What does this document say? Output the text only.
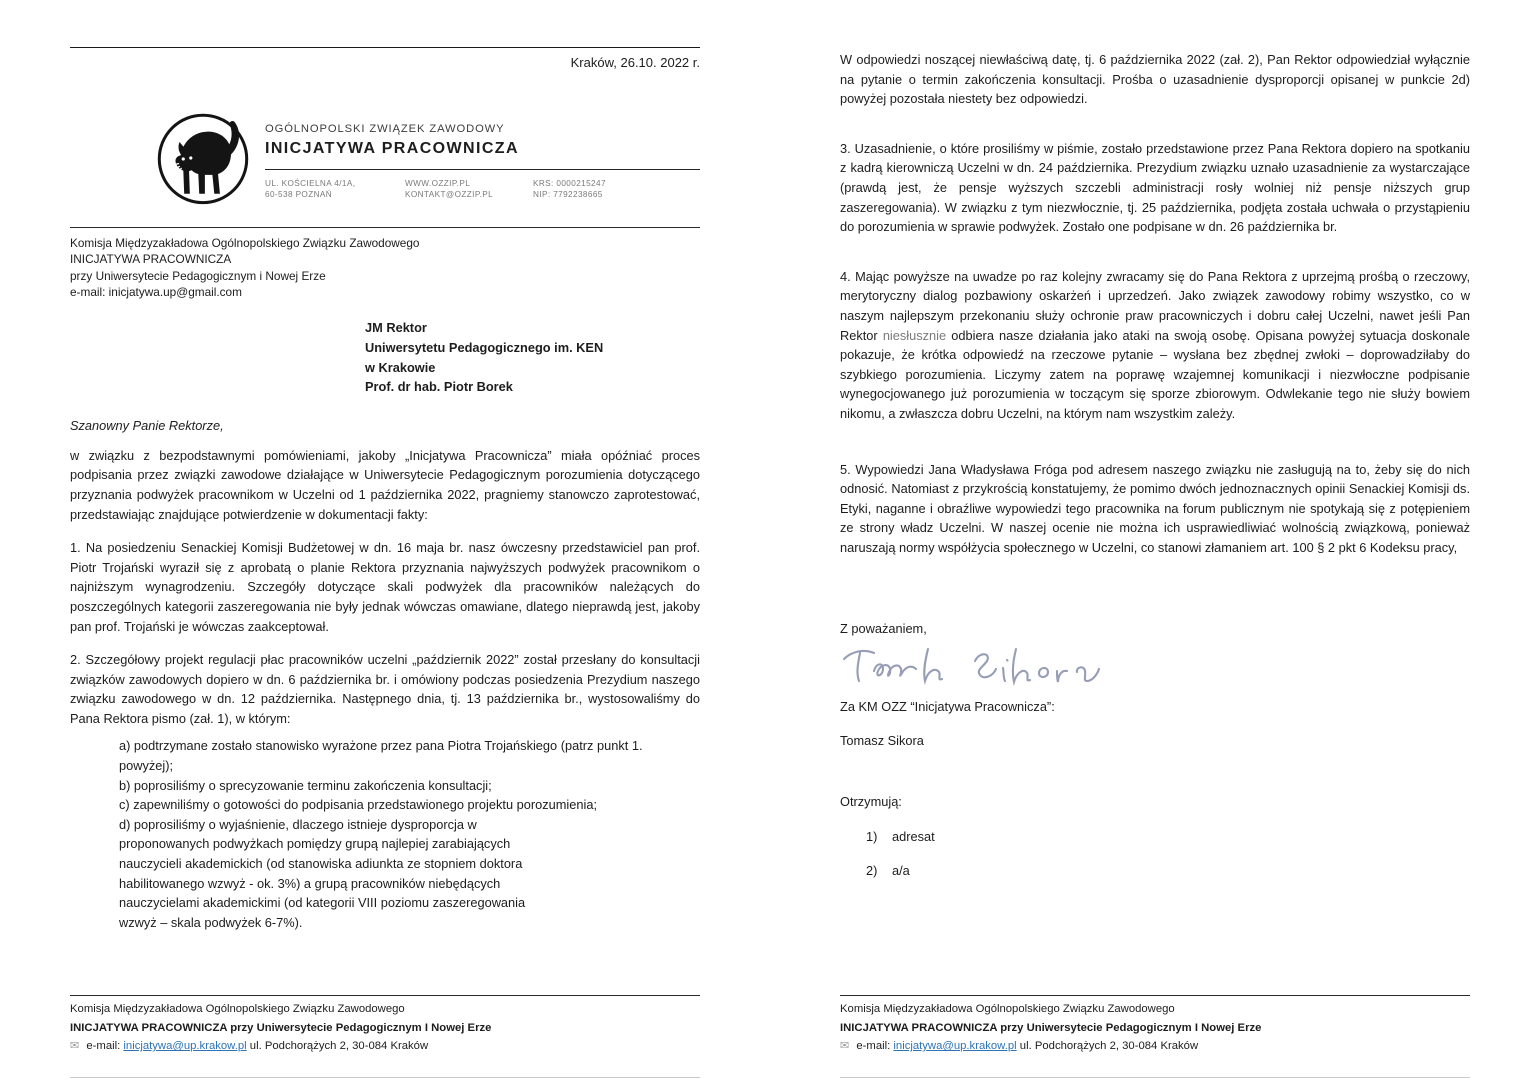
Kraków, 26.10. 2022 r.
OGÓLNOPOLSKI ZWIĄZEK ZAWODOWY
INICJATYWA PRACOWNICZA
UL. KOŚCIELNA 4/1A,
60-538 POZNAŃ
WWW.OZZIP.PL
KONTAKT@OZZIP.PL
KRS: 0000215247
NIP: 7792238665
Komisja Międzyzakładowa Ogólnopolskiego Związku Zawodowego
INICJATYWA PRACOWNICZA
przy Uniwersytecie Pedagogicznym i Nowej Erze
e-mail: inicjatywa.up@gmail.com
JM Rektor
Uniwersytetu Pedagogicznego im. KEN
w Krakowie
Prof. dr hab. Piotr Borek
Szanowny Panie Rektorze,

w związku z bezpodstawnymi pomówieniami, jakoby „Inicjatywa Pracownicza” miała opóźniać proces podpisania przez związki zawodowe działające w Uniwersytecie Pedagogicznym porozumienia dotyczącego przyznania podwyżek pracownikom w Uczelni od 1 października 2022, pragniemy stanowczo zaprotestować, przedstawiając znajdujące potwierdzenie w dokumentacji fakty:

1. Na posiedzeniu Senackiej Komisji Budżetowej w dn. 16 maja br. nasz ówczesny przedstawiciel pan prof. Piotr Trojański wyraził się z aprobatą o planie Rektora przyznania najwyższych podwyżek pracownikom o najniższym wynagrodzeniu. Szczegóły dotyczące skali podwyżek dla pracowników należących do poszczególnych kategorii zaszeregowania nie były jednak wówczas omawiane, dlatego nieprawdą jest, jakoby pan prof. Trojański je wówczas zaakceptował.

2. Szczegółowy projekt regulacji płac pracowników uczelni „październik 2022” został przesłany do konsultacji związków zawodowych dopiero w dn. 6 października br. i omówiony podczas posiedzenia Prezydium naszego związku zawodowego w dn. 12 października. Następnego dnia, tj. 13 października br., wystosowaliśmy do Pana Rektora pismo (zał. 1), w którym:

a) podtrzymane zostało stanowisko wyrażone przez pana Piotra Trojańskiego (patrz punkt 1. powyżej);

b) poprosiliśmy o sprecyzowanie terminu zakończenia konsultacji;

c) zapewniliśmy o gotowości do podpisania przedstawionego projektu porozumienia;

d) poprosiliśmy o wyjaśnienie, dlaczego istnieje dysproporcja w proponowanych podwyżkach pomiędzy grupą najlepiej zarabiających nauczycieli akademickich (od stanowiska adiunkta ze stopniem doktora habilitowanego wzwyż - ok. 3%) a grupą pracowników niebędących nauczycielami akademickimi (od kategorii VIII poziomu zaszeregowania wzwyż – skala podwyżek 6-7%).

Komisja Międzyzakładowa Ogólnopolskiego Związku Zawodowego
INICJATYWA PRACOWNICZA przy Uniwersytecie Pedagogicznym I Nowej Erze
✉ e-mail: inicjatywa@up.krakow.pl ul. Podchorążych 2, 30-084 Kraków

W odpowiedzi noszącej niewłaściwą datę, tj. 6 października 2022 (zał. 2), Pan Rektor odpowiedział wyłącznie na pytanie o termin zakończenia konsultacji. Prośba o uzasadnienie dysproporcji opisanej w punkcie 2d) powyżej pozostała niestety bez odpowiedzi.

3. Uzasadnienie, o które prosiliśmy w piśmie, zostało przedstawione przez Pana Rektora dopiero na spotkaniu z kadrą kierowniczą Uczelni w dn. 24 października. Prezydium związku uznało uzasadnienie za wystarczające (prawdą jest, że pensje wyższych szczebli administracji rosły wolniej niż pensje niższych grup zaszeregowania). W związku z tym niezwłocznie, tj. 25 października, podjęta została uchwała o przystąpieniu do porozumienia w sprawie podwyżek. Zostało one podpisane w dn. 26 października br.

4. Mając powyższe na uwadze po raz kolejny zwracamy się do Pana Rektora z uprzejmą prośbą o rzeczowy, merytoryczny dialog pozbawiony oskarżeń i uprzedzeń. Jako związek zawodowy robimy wszystko, co w naszym najlepszym przekonaniu służy ochronie praw pracowniczych i dobru całej Uczelni, nawet jeśli Pan Rektor niesłusznie odbiera nasze działania jako ataki na swoją osobę. Opisana powyżej sytuacja doskonale pokazuje, że krótka odpowiedź na rzeczowe pytanie – wysłana bez zbędnej zwłoki – doprowadziłaby do szybkiego porozumienia. Liczymy zatem na poprawę wzajemnej komunikacji i niezwłoczne podpisanie wynegocjowanego już porozumienia w toczącym się sporze zbiorowym. Odwlekanie tego nie służy bowiem nikomu, a zwłaszcza dobru Uczelni, na którym nam wszystkim zależy.

5. Wypowiedzi Jana Władysława Fróga pod adresem naszego związku nie zasługują na to, żeby się do nich odnosić. Natomiast z przykrością konstatujemy, że pomimo dwóch jednoznacznych opinii Senackiej Komisji ds. Etyki, naganne i obraźliwe wypowiedzi tego pracownika na forum publicznym nie spotykają się z potępieniem ze strony władz Uczelni. W naszej ocenie nie można ich usprawiedliwiać wolnością związkową, ponieważ naruszają normy współżycia społecznego w Uczelni, co stanowi złamaniem art. 100 § 2 pkt 6 Kodeksu pracy,

Z poważaniem,
Za KM OZZ “Inicjatywa Pracownicza”:
Tomasz Sikora
Otrzymują:
1) adresat
2) a/a
Komisja Międzyzakładowa Ogólnopolskiego Związku Zawodowego
INICJATYWA PRACOWNICZA przy Uniwersytecie Pedagogicznym I Nowej Erze
✉ e-mail: inicjatywa@up.krakow.pl ul. Podchorążych 2, 30-084 Kraków
